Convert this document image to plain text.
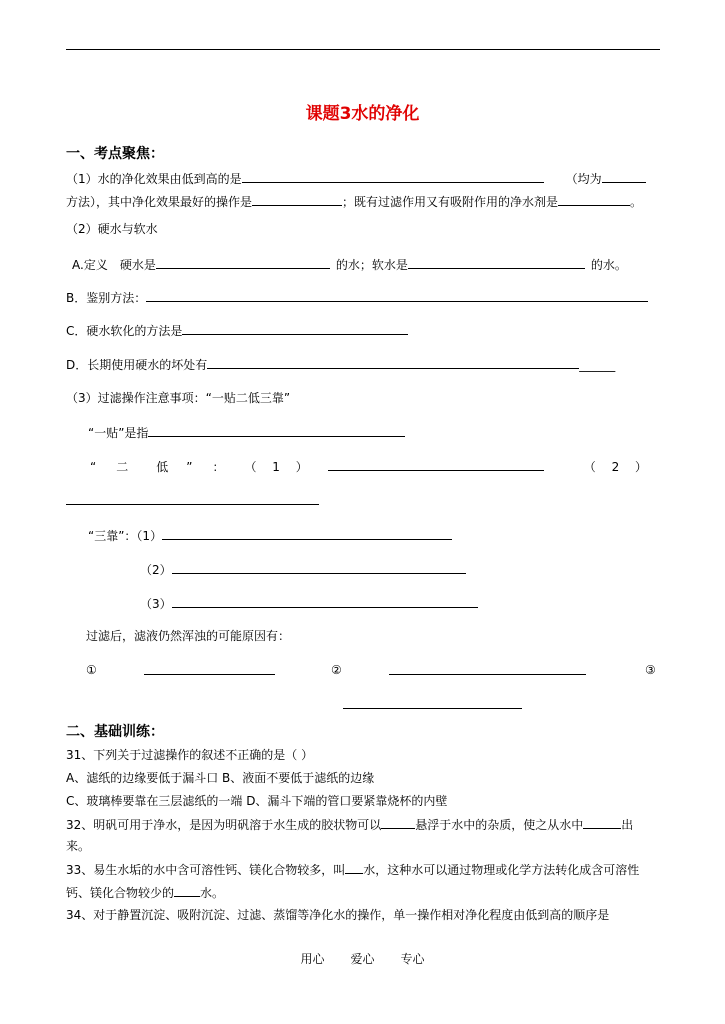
课题3水的净化
一、考点聚焦：
（1）水的净化效果由低到高的是	（均为
方法），其中净化效果最好的操作是	；既有过滤作用又有吸附作用的净水剂是	。
（2）硬水与软水
A.定义 硬水是	的水；软水是	的水。
B．鉴别方法：
C．硬水软化的方法是
D．长期使用硬水的坏处有	______
（3）过滤操作注意事项：“一贴二低三靠”
“一贴”是指
“ 二 低 ” ： （ 1 ）	（ 2 ）
“三靠”：（1）
（2）
（3）
过滤后，滤液仍然浑浊的可能原因有：
①	②	③
二、基础训练：
31、下列关于过滤操作的叙述不正确的是（ ）
A、滤纸的边缘要低于漏斗口 B、液面不要低于滤纸的边缘
C、玻璃棒要靠在三层滤纸的一端 D、漏斗下端的管口要紧靠烧杯的内壁
32、明矾可用于净水，是因为明矾溶于水生成的胶状物可以	悬浮于水中的杂质，使之从水中	出
来。
33、易生水垢的水中含可溶性钙、镁化合物较多，叫 水，这种水可以通过物理或化学方法转化成含可溶性
钙、镁化合物较少的 水。
34、对于静置沉淀、吸附沉淀、过滤、蒸馏等净化水的操作，单一操作相对净化程度由低到高的顺序是
用心 爱心 专心
